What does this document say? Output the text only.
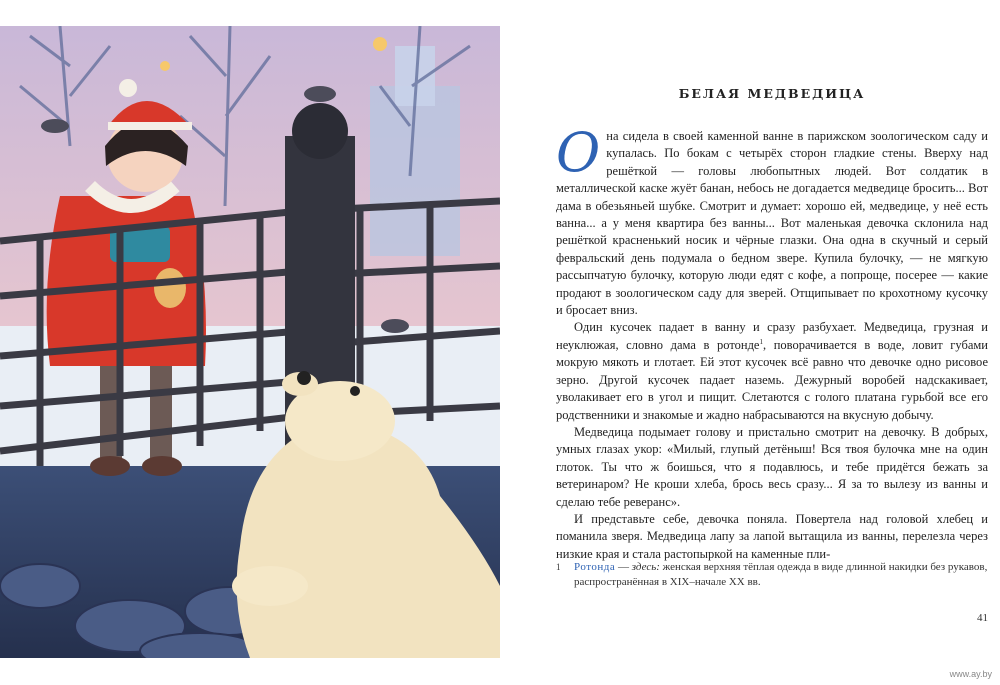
БЕЛАЯ МЕДВЕДИЦА

Она сидела в своей каменной ванне в парижском зоологическом саду и купалась. По бокам с четырёх сторон гладкие стены. Вверху над решёткой — головы любопытных людей. Вот солдатик в металлической каске жуёт банан, небось не догадается медведице бросить... Вот дама в обезьяньей шубке. Смотрит и думает: хорошо ей, медведице, у неё есть ванна... а у меня квартира без ванны... Вот маленькая девочка склонила над решёткой красненький носик и чёрные глазки. Она одна в скучный и серый февральский день подумала о бедном звере. Купила булочку, — не мягкую рассыпчатую булочку, которую люди едят с кофе, а попроще, посерее — какие продают в зоологическом саду для зверей. Отщипывает по крохотному кусочку и бросает вниз.

Один кусочек падает в ванну и сразу разбухает. Медведица, грузная и неуклюжая, словно дама в ротонде$^1$, поворачивается в воде, ловит губами мокрую мякоть и глотает. Ей этот кусочек всё равно что девочке одно рисовое зерно. Другой кусочек падает наземь. Дежурный воробей надскакивает, уволакивает его в угол и пищит. Слетаются с голого платана гурьбой все его родственники и знакомые и жадно набрасываются на вкусную добычу.

Медведица подымает голову и пристально смотрит на девочку. В добрых, умных глазах укор: «Милый, глупый детёныш! Вся твоя булочка мне на один глоток. Ты что ж боишься, что я подавлюсь, и тебе придётся бежать за ветеринаром? Не кроши хлеба, брось весь сразу... Я за то вылезу из ванны и сделаю тебе реверанс».

И представьте себе, девочка поняла. Повертела над головой хлебец и поманила зверя. Медведица лапу за лапой вытащила из ванны, перелезла через низкие края и стала растопыркой на каменные пли-

1	Ротонда — здесь: женская верхняя тёплая одежда в виде длинной накидки без рукавов, распространённая в XIX–начале XX вв.
41
www.ay.by
